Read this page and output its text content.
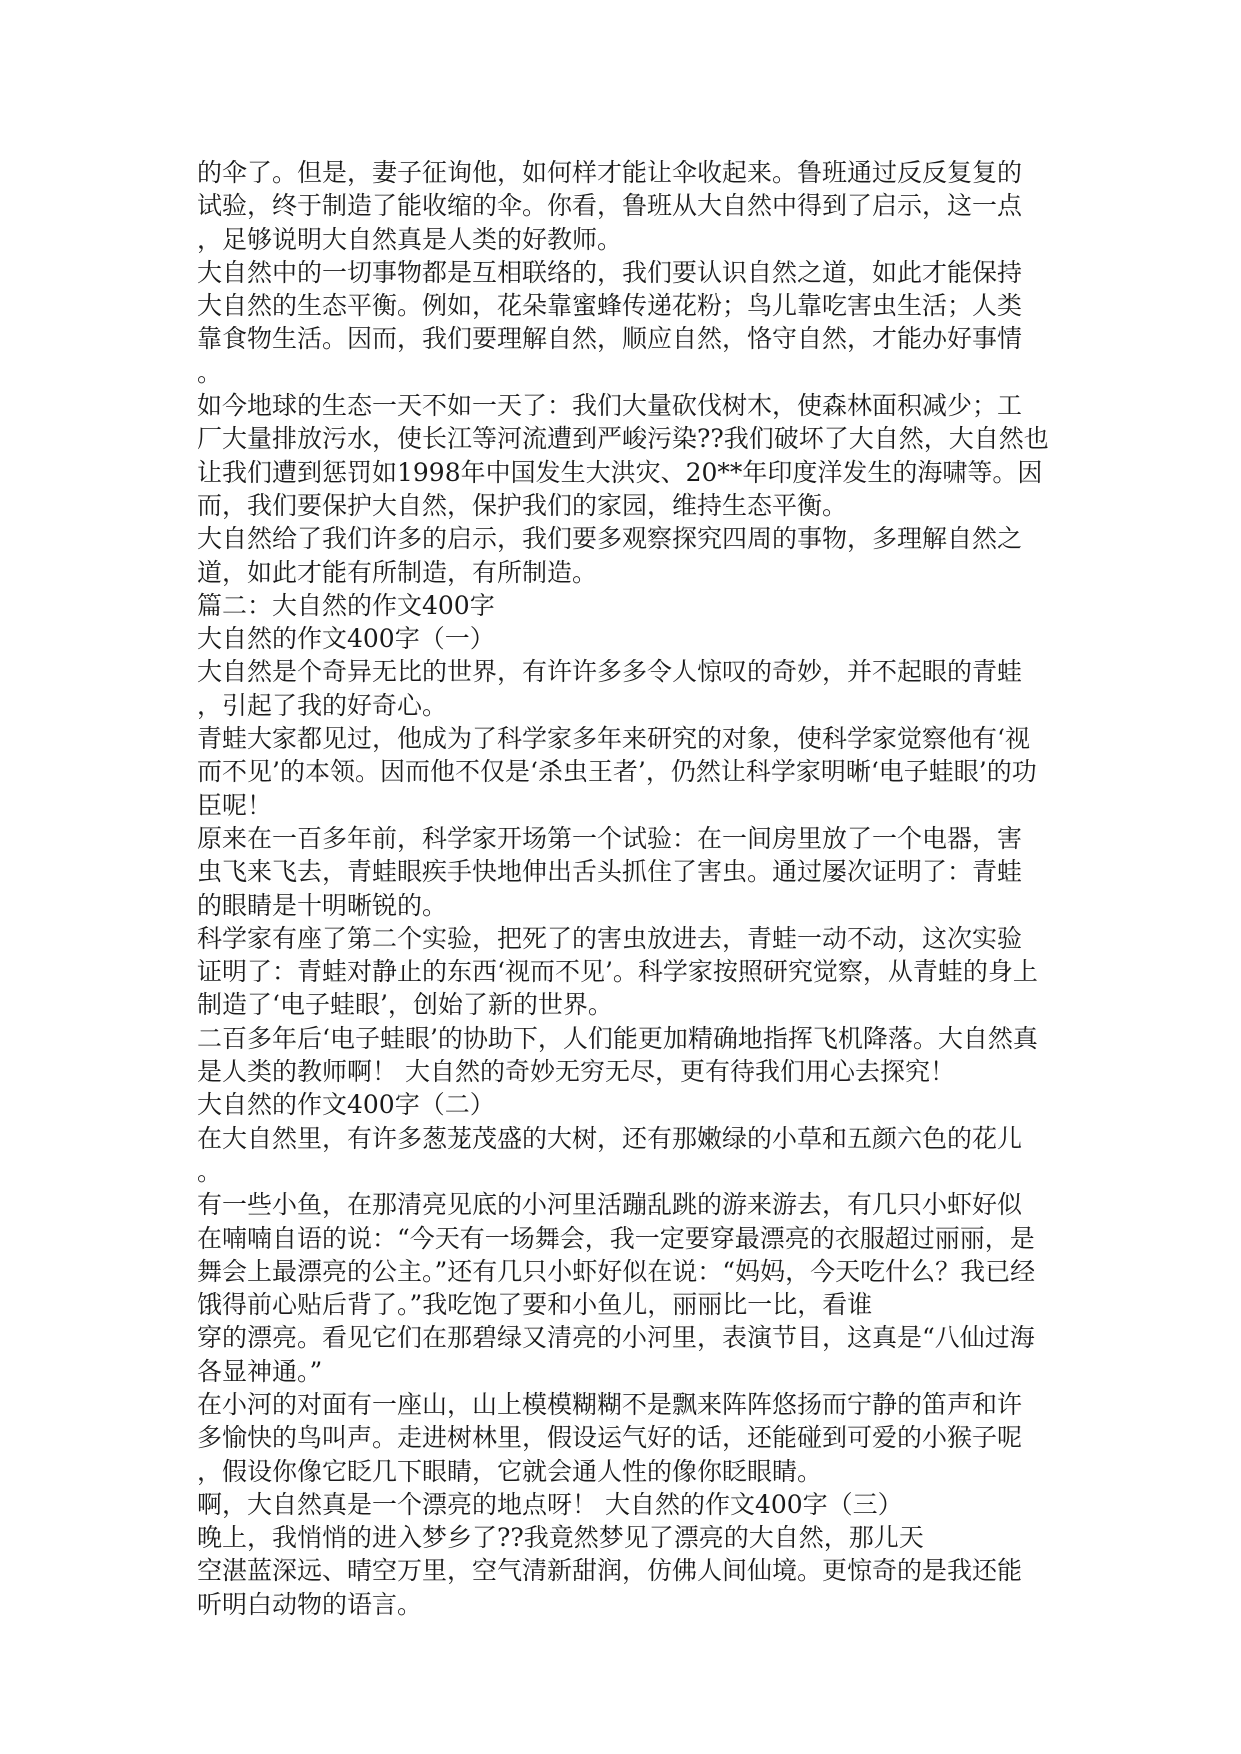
的伞了。但是，妻子征询他，如何样才能让伞收起来。鲁班通过反反复复的
试验，终于制造了能收缩的伞。你看，鲁班从大自然中得到了启示，这一点
，足够说明大自然真是人类的好教师。
大自然中的一切事物都是互相联络的，我们要认识自然之道，如此才能保持
大自然的生态平衡。例如，花朵靠蜜蜂传递花粉；鸟儿靠吃害虫生活；人类
靠食物生活。因而，我们要理解自然，顺应自然，恪守自然，才能办好事情
。
如今地球的生态一天不如一天了：我们大量砍伐树木，使森林面积减少；工
厂大量排放污水，使长江等河流遭到严峻污染??我们破坏了大自然，大自然也
让我们遭到惩罚如1998年中国发生大洪灾、20**年印度洋发生的海啸等。因
而，我们要保护大自然，保护我们的家园，维持生态平衡。
大自然给了我们许多的启示，我们要多观察探究四周的事物，多理解自然之
道，如此才能有所制造，有所制造。
篇二：大自然的作文400字
大自然的作文400字（一）
大自然是个奇异无比的世界，有许许多多令人惊叹的奇妙，并不起眼的青蛙
，引起了我的好奇心。
青蛙大家都见过，他成为了科学家多年来研究的对象，使科学家觉察他有‘视
而不见’的本领。因而他不仅是‘杀虫王者’，仍然让科学家明晰‘电子蛙眼’的功
臣呢！
原来在一百多年前，科学家开场第一个试验：在一间房里放了一个电器，害
虫飞来飞去，青蛙眼疾手快地伸出舌头抓住了害虫。通过屡次证明了：青蛙
的眼睛是十明晰锐的。
科学家有座了第二个实验，把死了的害虫放进去，青蛙一动不动，这次实验
证明了：青蛙对静止的东西‘视而不见’。科学家按照研究觉察，从青蛙的身上
制造了‘电子蛙眼’，创始了新的世界。
二百多年后‘电子蛙眼’的协助下，人们能更加精确地指挥飞机降落。大自然真
是人类的教师啊！ 大自然的奇妙无穷无尽，更有待我们用心去探究！
大自然的作文400字（二）
在大自然里，有许多葱茏茂盛的大树，还有那嫩绿的小草和五颜六色的花儿
。
有一些小鱼，在那清亮见底的小河里活蹦乱跳的游来游去，有几只小虾好似
在喃喃自语的说：“今天有一场舞会，我一定要穿最漂亮的衣服超过丽丽，是
舞会上最漂亮的公主。”还有几只小虾好似在说：“妈妈，今天吃什么？我已经
饿得前心贴后背了。”我吃饱了要和小鱼儿，丽丽比一比，看谁
穿的漂亮。看见它们在那碧绿又清亮的小河里，表演节目，这真是“八仙过海
各显神通。”
在小河的对面有一座山，山上模模糊糊不是飘来阵阵悠扬而宁静的笛声和许
多愉快的鸟叫声。走进树林里，假设运气好的话，还能碰到可爱的小猴子呢
，假设你像它眨几下眼睛，它就会通人性的像你眨眼睛。
啊，大自然真是一个漂亮的地点呀！ 大自然的作文400字（三）
晚上，我悄悄的进入梦乡了??我竟然梦见了漂亮的大自然，那儿天
空湛蓝深远、晴空万里，空气清新甜润，仿佛人间仙境。更惊奇的是我还能
听明白动物的语言。
